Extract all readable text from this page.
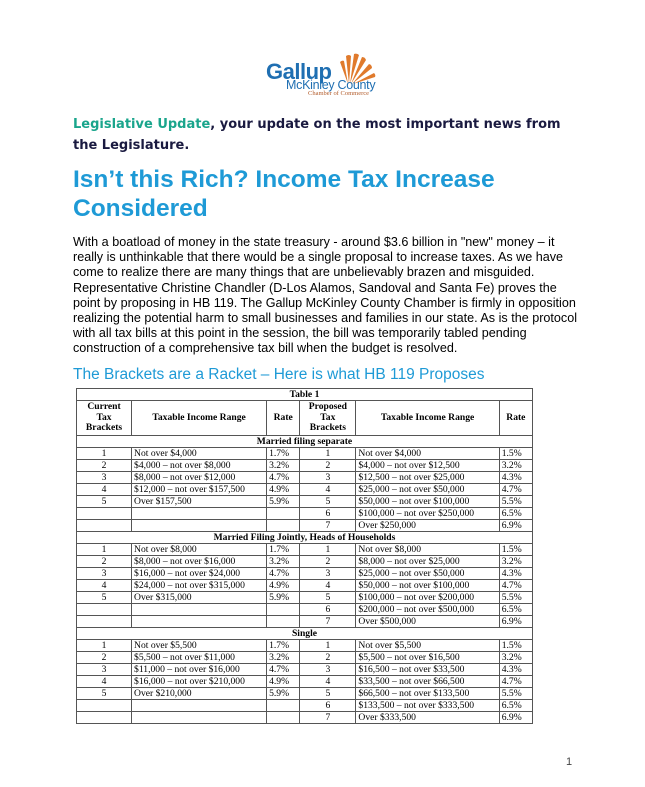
Gallup
McKinley County
Chamber of Commerce
Legislative Update, your update on the most important news from the Legislature.
Isn’t this Rich? Income Tax Increase Considered
With a boatload of money in the state treasury - around $3.6 billion in "new" money – it really is unthinkable that there would be a single proposal to increase taxes. As we have come to realize there are many things that are unbelievably brazen and misguided. Representative Christine Chandler (D-Los Alamos, Sandoval and Santa Fe) proves the point by proposing in HB 119. The Gallup McKinley County Chamber is firmly in opposition realizing the potential harm to small businesses and families in our state. As is the protocol with all tax bills at this point in the session, the bill was temporarily tabled pending construction of a comprehensive tax bill when the budget is resolved.
The Brackets are a Racket – Here is what HB 119 Proposes
Table 1					
Current Tax Brackets	Taxable Income Range	Rate	Proposed Tax Brackets	Taxable Income Range	Rate
Married filing separate					
1	Not over $4,000	1.7%	1	Not over $4,000	1.5%
2	$4,000 – not over $8,000	3.2%	2	$4,000 – not over $12,500	3.2%
3	$8,000 – not over $12,000	4.7%	3	$12,500 – not over $25,000	4.3%
4	$12,000 – not over $157,500	4.9%	4	$25,000 – not over $50,000	4.7%
5	Over $157,500	5.9%	5	$50,000 – not over $100,000	5.5%
			6	$100,000 – not over $250,000	6.5%
			7	Over $250,000	6.9%
Married Filing Jointly, Heads of Households					
1	Not over $8,000	1.7%	1	Not over $8,000	1.5%
2	$8,000 – not over $16,000	3.2%	2	$8,000 – not over $25,000	3.2%
3	$16,000 – not over $24,000	4.7%	3	$25,000 – not over $50,000	4.3%
4	$24,000 – not over $315,000	4.9%	4	$50,000 – not over $100,000	4.7%
5	Over $315,000	5.9%	5	$100,000 – not over $200,000	5.5%
			6	$200,000 – not over $500,000	6.5%
			7	Over $500,000	6.9%
Single					
1	Not over $5,500	1.7%	1	Not over $5,500	1.5%
2	$5,500 – not over $11,000	3.2%	2	$5,500 – not over $16,500	3.2%
3	$11,000 – not over $16,000	4.7%	3	$16,500 – not over $33,500	4.3%
4	$16,000 – not over $210,000	4.9%	4	$33,500 – not over $66,500	4.7%
5	Over $210,000	5.9%	5	$66,500 – not over $133,500	5.5%
			6	$133,500 – not over $333,500	6.5%
			7	Over $333,500	6.9%
1
